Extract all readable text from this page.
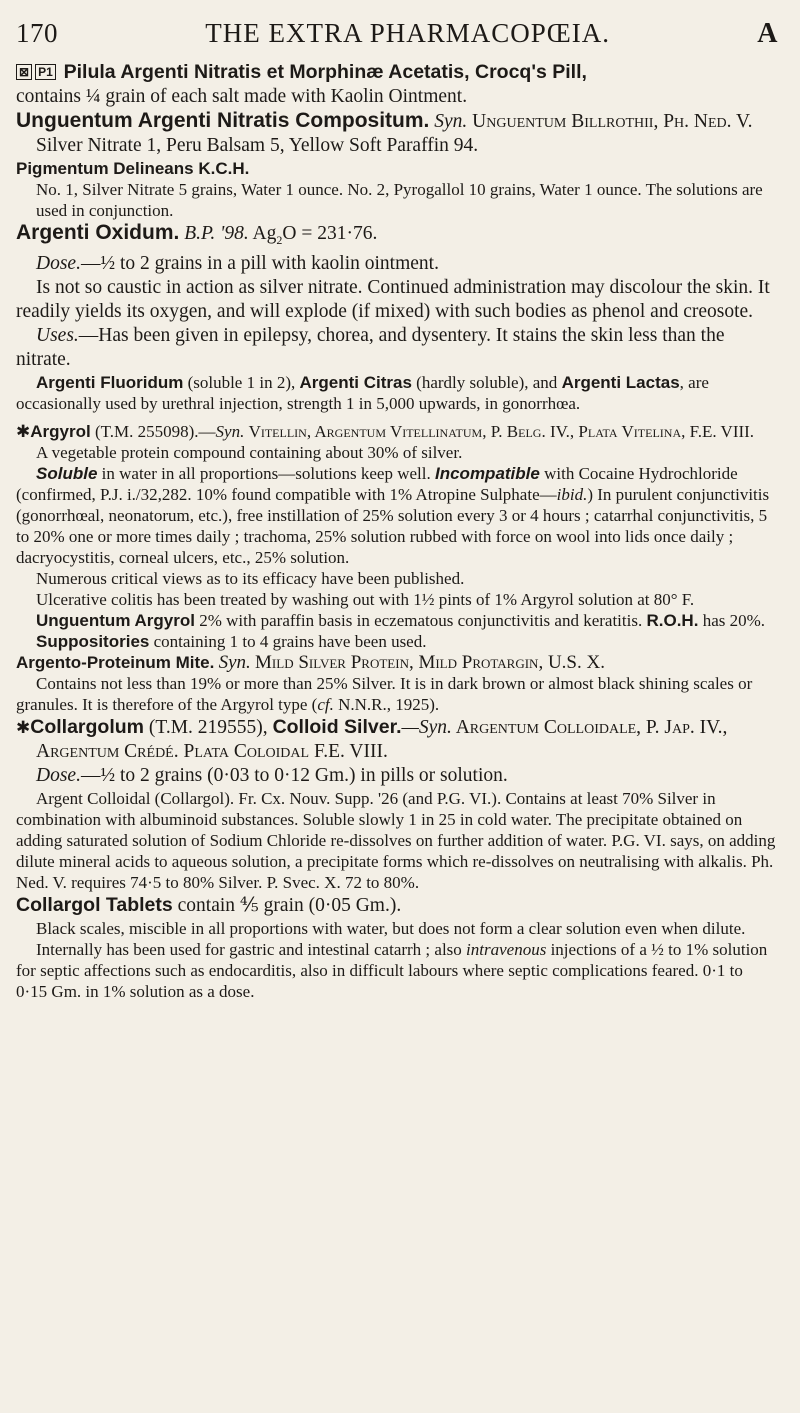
170	THE EXTRA PHARMACOPŒIA.	A

⊠ P1 Pilula Argenti Nitratis et Morphinæ Acetatis, Crocq's Pill,
contains ¼ grain of each salt made with Kaolin Ointment.

Unguentum Argenti Nitratis Compositum. Syn. Unguentum Billrothii, Ph. Ned. V.

Silver Nitrate 1, Peru Balsam 5, Yellow Soft Paraffin 94.

Pigmentum Delineans K.C.H.

No. 1, Silver Nitrate 5 grains, Water 1 ounce. No. 2, Pyrogallol 10 grains, Water 1 ounce. The solutions are used in conjunction.

Argenti Oxidum. B.P. '98. $Ag_2O = 231\cdot 76$.

Dose.—½ to 2 grains in a pill with kaolin ointment.

Is not so caustic in action as silver nitrate. Continued administration may discolour the skin. It readily yields its oxygen, and will explode (if mixed) with such bodies as phenol and creosote.

Uses.—Has been given in epilepsy, chorea, and dysentery. It stains the skin less than the nitrate.

Argenti Fluoridum (soluble 1 in 2), Argenti Citras (hardly soluble), and Argenti Lactas, are occasionally used by urethral injection, strength 1 in 5,000 upwards, in gonorrhœa.

✱Argyrol (T.M. 255098).—Syn. Vitellin, Argentum Vitellinatum, P. Belg. IV., Plata Vitelina, F.E. VIII.

A vegetable protein compound containing about 30% of silver.

Soluble in water in all proportions—solutions keep well. Incompatible with Cocaine Hydrochloride (confirmed, P.J. i./32,282. 10% found compatible with 1% Atropine Sulphate—ibid.) In purulent conjunctivitis (gonorrhœal, neonatorum, etc.), free instillation of 25% solution every 3 or 4 hours ; catarrhal conjunctivitis, 5 to 20% one or more times daily ; trachoma, 25% solution rubbed with force on wool into lids once daily ; dacryocystitis, corneal ulcers, etc., 25% solution.

Numerous critical views as to its efficacy have been published.

Ulcerative colitis has been treated by washing out with 1½ pints of 1% Argyrol solution at 80° F.

Unguentum Argyrol 2% with paraffin basis in eczematous conjunctivitis and keratitis. R.O.H. has 20%.

Suppositories containing 1 to 4 grains have been used.

Argento-Proteinum Mite. Syn. Mild Silver Protein, Mild Protargin, U.S. X.

Contains not less than 19% or more than 25% Silver. It is in dark brown or almost black shining scales or granules. It is therefore of the Argyrol type (cf. N.N.R., 1925).

✱Collargolum (T.M. 219555), Colloid Silver.—Syn. Argentum Colloidale, P. Jap. IV., Argentum Crédé. Plata Coloidal F.E. VIII.

Dose.—½ to 2 grains (0·03 to 0·12 Gm.) in pills or solution.

Argent Colloidal (Collargol). Fr. Cx. Nouv. Supp. '26 (and P.G. VI.). Contains at least 70% Silver in combination with albuminoid substances. Soluble slowly 1 in 25 in cold water. The precipitate obtained on adding saturated solution of Sodium Chloride re-dissolves on further addition of water. P.G. VI. says, on adding dilute mineral acids to aqueous solution, a precipitate forms which re-dissolves on neutralising with alkalis. Ph. Ned. V. requires 74·5 to 80% Silver. P. Svec. X. 72 to 80%.

Collargol Tablets contain ⅘ grain (0·05 Gm.).

Black scales, miscible in all proportions with water, but does not form a clear solution even when dilute.

Internally has been used for gastric and intestinal catarrh ; also intravenous injections of a ½ to 1% solution for septic affections such as endocarditis, also in difficult labours where septic complications feared. 0·1 to 0·15 Gm. in 1% solution as a dose.
